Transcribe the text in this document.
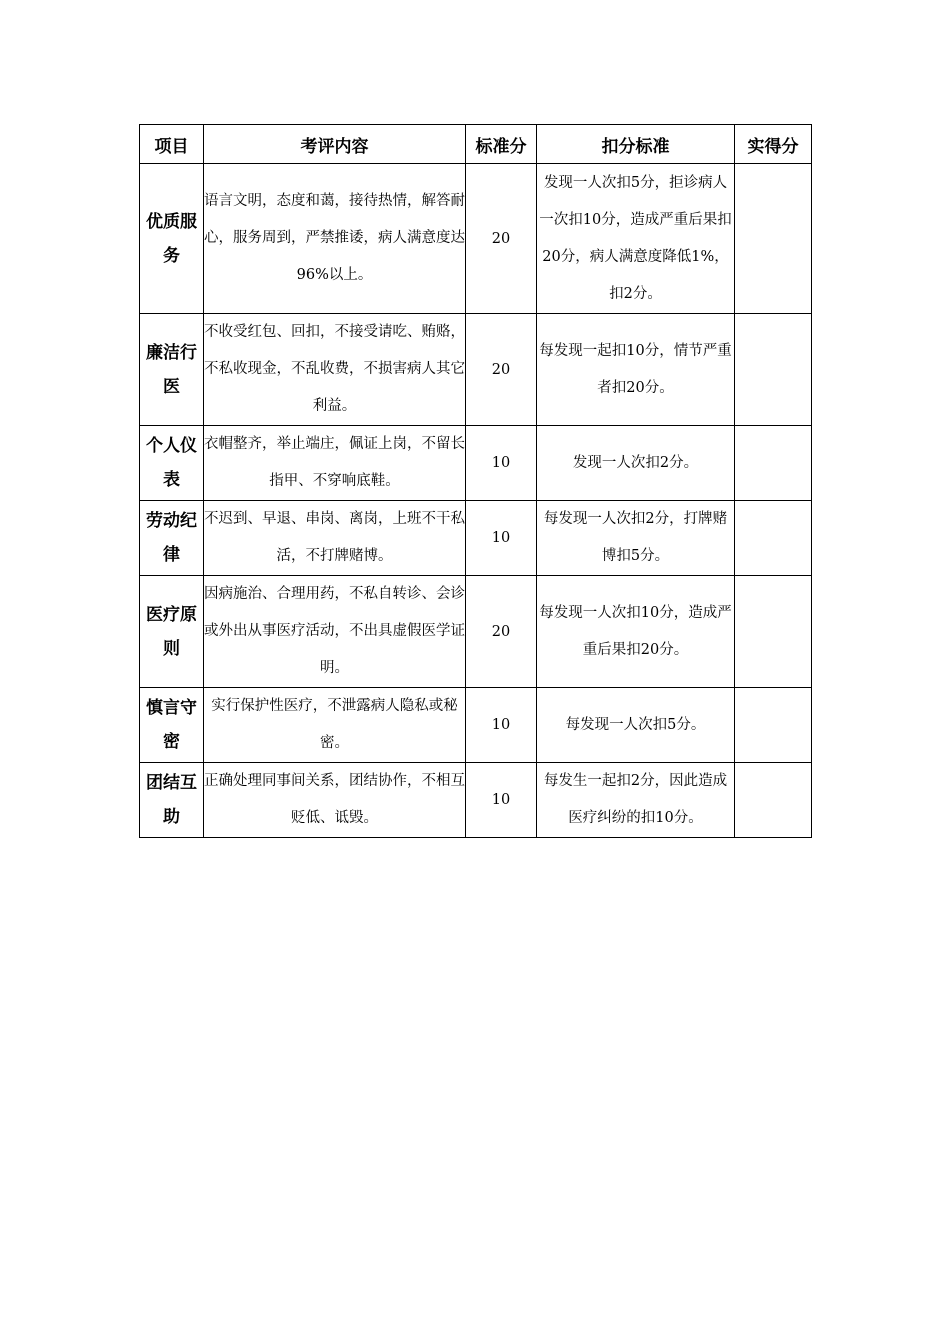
项目	考评内容	标准分	扣分标准	实得分
优质服务	语言文明，态度和蔼，接待热情，解答耐心，服务周到，严禁推诿，病人满意度达96%以上。	20	发现一人次扣5分，拒诊病人一次扣10分，造成严重后果扣20分，病人满意度降低1%，扣2分。	
廉洁行医	不收受红包、回扣，不接受请吃、贿赂，不私收现金，不乱收费，不损害病人其它利益。	20	每发现一起扣10分，情节严重者扣20分。	
个人仪表	衣帽整齐，举止端庄，佩证上岗，不留长指甲、不穿响底鞋。	10	发现一人次扣2分。	
劳动纪律	不迟到、早退、串岗、离岗，上班不干私活，不打牌赌博。	10	每发现一人次扣2分，打牌赌博扣5分。	
医疗原则	因病施治、合理用药，不私自转诊、会诊或外出从事医疗活动，不出具虚假医学证明。	20	每发现一人次扣10分，造成严重后果扣20分。	
慎言守密	实行保护性医疗，不泄露病人隐私或秘密。	10	每发现一人次扣5分。	
团结互助	正确处理同事间关系，团结协作，不相互贬低、诋毁。	10	每发生一起扣2分，因此造成医疗纠纷的扣10分。	
